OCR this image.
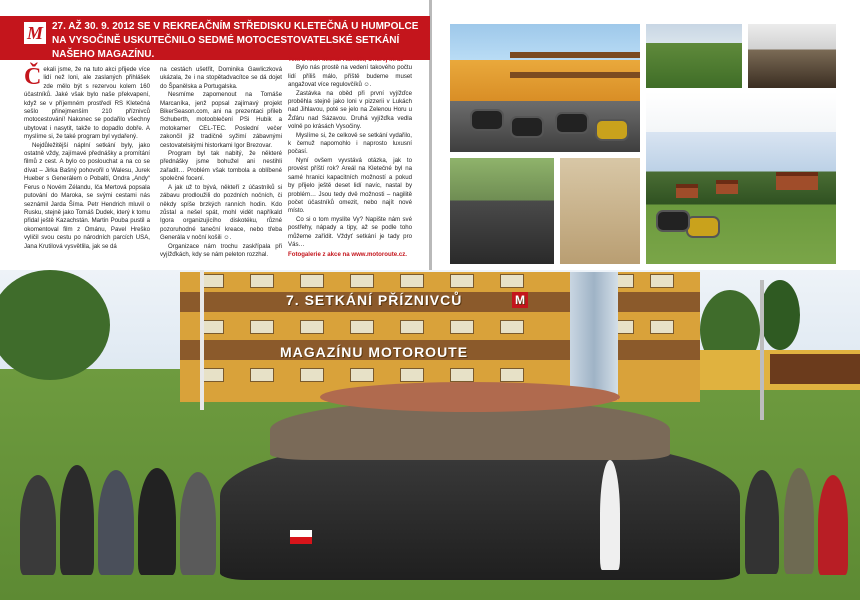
M 27. AŽ 30. 9. 2012 SE V REKREAČNÍM STŘEDISKU KLETEČNÁ U HUMPOLCE NA VYSOČINĚ USKUTEČNILO SEDMÉ MOTOCESTOVATELSKÉ SETKÁNÍ NAŠEHO MAGAZÍNU.

Čekali jsme, že na tuto akci přijede více lidí než loni, ale zaslaných přihlášek zde mělo být s rezervou kolem 160 účastníků. Jaké však bylo naše překvapení, když se v příjemném prostředí RS Kletečná sešlo přinejmenším 210 příznivců motocestování! Nakonec se podařilo všechny ubytovat i nasytit, takže to dopadlo dobře. A myslíme si, že také program byl vydařený.

Nejdůležitější náplní setkání byly, jako ostatně vždy, zajímavé přednášky a promítání filmů z cest. A bylo co poslouchat a na co se dívat – Jirka Bašný pohovořil o Walesu, Jurek Hueber s Generálem o Pobaltí, Ondra „Andy“ Ferus o Novém Zélandu, Iča Mertová popsala putování do Maroka, se svými cestami nás seznámil Jarda Šíma. Petr Hendrich mluvil o Rusku, stejně jako Tomáš Dudek, který k tomu přidal ještě Kazachstán. Martin Pouba pustil a okomentoval film z Ománu, Pavel Hreško vyličil svou cestu po národních parcích USA, Jana Krutilová vysvětlila, jak se dá

na cestách ušetřit, Dominika Gawliczková ukázala, že i na stopětadvacítce se dá dojet do Španělska a Portugalska.

Nesmíme zapomenout na Tomáše Marcaníka, jenž popsal zajímavý projekt BikerSeason.com, ani na prezentaci přileb Schuberth, motooblečení PSi Hubik a motokamer CEL-TEC. Poslední večer zakončil již tradičně syžimí zábavnými cestovatelskými historkami Igor Brezovar.

Program byl tak nabitý, že některé přednášky jsme bohužel ani nestihli zařadit… Problém však tombola a oblíbené společné focení.

A jak už to bývá, někteří z účastníků si zábavu prodloužili do pozdních nočních, či někdy spíše brzkých ranních hodin. Kdo zůstal a nešel spát, mohl vidět napříkald Igora organizujícího diskotéku, různé pozoruhodné taneční kreace, nebo třeba Generála v noční košili ☺.

Organizace nám trochu zaskřípala při vyjížďkách, kdy se nám peleton rozzhal.

Text a foto: Michal Hamšík, Ondrej Mruz

Bylo nás prostě na vedení takového počtu lidí příliš málo, příště budeme muset angažovat více regulovčíků ☺.

Zastávka na oběd při první vyjížďce proběhla stejně jako loni v pizzerii v Lukách nad Jihlavou, poté se jelo na Zelenou Horu u Žďáru nad Sázavou. Druhá vyjížďka vedla volně po krásách Vysočiny.

Myslíme si, že celkově se setkání vydařilo, k čemuž napomohlo i naprosto luxusní počasí.

Nyní ovšem vyvstává otázka, jak to provést příští rok? Areál na Kletečné byl na samé hranici kapacitních možností a pokud by přijelo ještě deset lidí navíc, nastal by problém… Jsou tedy dvě možnosti – nagilitě počet účastníků omezit, nebo najít nové místo.

Co si o tom myslíte Vy? Napište nám své postřehy, nápady a tipy, až se podle toho můžeme zařídit. Vždyť setkání je tady pro Vás…

Fotogalerie z akce na www.motoroute.cz.

7. SETKÁNÍ PŘÍZNIVCŮ	M
MAGAZÍNU MOTOROUTE
